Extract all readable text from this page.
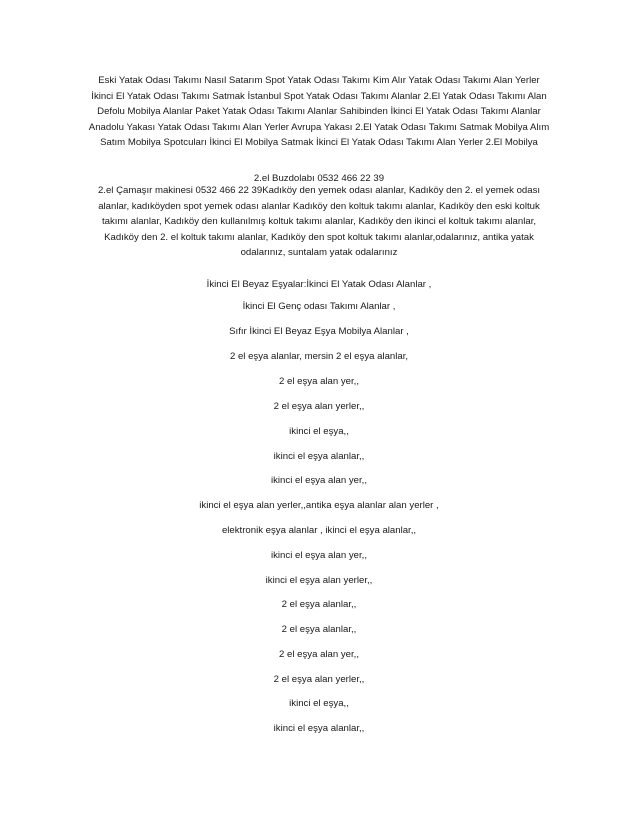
Eski Yatak Odası Takımı Nasıl Satarım Spot Yatak Odası Takımı Kim Alır Yatak Odası Takımı Alan Yerler İkinci El Yatak Odası Takımı Satmak İstanbul Spot Yatak Odası Takımı Alanlar 2.El Yatak Odası Takımı Alan Defolu Mobilya Alanlar Paket Yatak Odası Takımı Alanlar Sahibinden İkinci El Yatak Odası Takımı Alanlar Anadolu Yakası Yatak Odası Takımı Alan Yerler Avrupa Yakası 2.El Yatak Odası Takımı Satmak Mobilya Alım Satım Mobilya Spotcuları İkinci El Mobilya Satmak İkinci El Yatak Odası Takımı Alan Yerler 2.El Mobilya

2.el Buzdolabı 0532 466 22 39

2.el Çamaşır makinesi 0532 466 22 39Kadıköy den yemek odası alanlar, Kadıköy den 2. el yemek odası alanlar, kadıköyden spot yemek odası alanlar Kadıköy den koltuk takımı alanlar, Kadıköy den eski koltuk takımı alanlar, Kadıköy den kullanılmış koltuk takımı alanlar, Kadıköy den ikinci el koltuk takımı alanlar, Kadıköy den 2. el koltuk takımı alanlar, Kadıköy den spot koltuk takımı alanlar,odalarınız, antika yatak odalarınız, suntalam yatak odalarınız

İkinci El Beyaz Eşyalar:İkinci El Yatak Odası Alanlar ,

İkinci El Genç odası Takımı Alanlar ,

Sıfır İkinci El Beyaz Eşya Mobilya Alanlar ,

2 el eşya alanlar, mersin 2 el eşya alanlar,

2 el eşya alan yer,,

2 el eşya alan yerler,,

ikinci el eşya,,

ikinci el eşya alanlar,,

ikinci el eşya alan yer,,

ikinci el eşya alan yerler,,antika eşya alanlar alan yerler ,

elektronik eşya alanlar , ikinci el eşya alanlar,,

ikinci el eşya alan yer,,

ikinci el eşya alan yerler,,

2 el eşya alanlar,,

2 el eşya alanlar,,

2 el eşya alan yer,,

2 el eşya alan yerler,,

ikinci el eşya,,

ikinci el eşya alanlar,,
